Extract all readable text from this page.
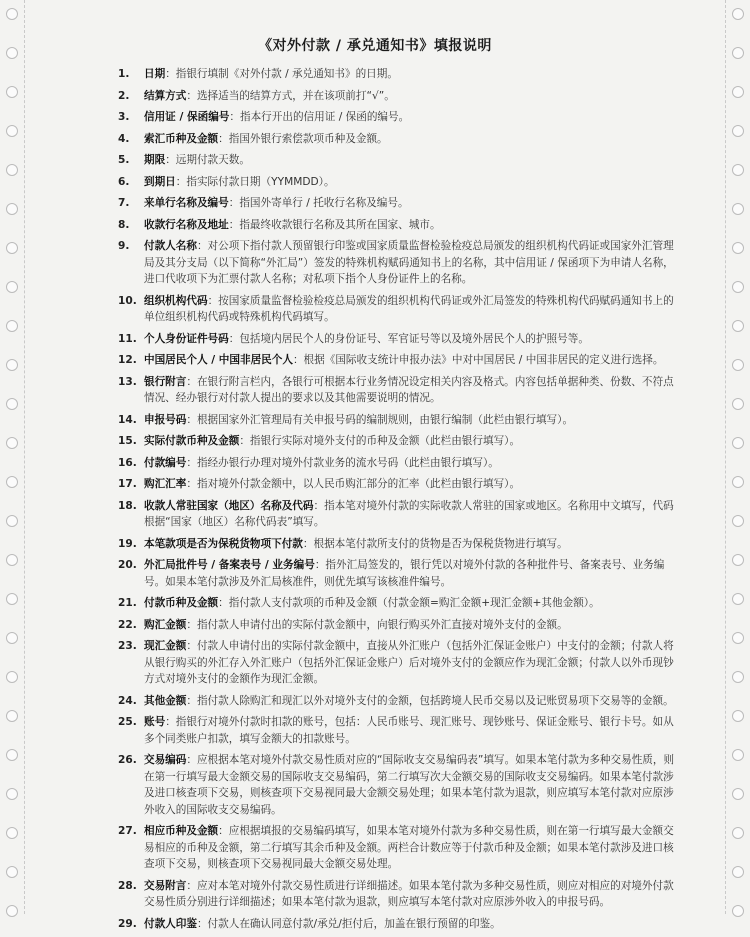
《对外付款 / 承兑通知书》填报说明
1.	日期：指银行填制《对外付款 / 承兑通知书》的日期。
2.	结算方式：选择适当的结算方式，并在该项前打“√”。
3.	信用证 / 保函编号：指本行开出的信用证 / 保函的编号。
4.	索汇币种及金额：指国外银行索偿款项币种及金额。
5.	期限：远期付款天数。
6.	到期日：指实际付款日期（YYMMDD）。
7.	来单行名称及编号：指国外寄单行 / 托收行名称及编号。
8.	收款行名称及地址：指最终收款银行名称及其所在国家、城市。
9.	付款人名称：对公项下指付款人预留银行印鉴或国家质量监督检验检疫总局颁发的组织机构代码证或国家外汇管理局及其分支局（以下简称“外汇局”）签发的特殊机构赋码通知书上的名称，其中信用证 / 保函项下为申请人名称，进口代收项下为汇票付款人名称；对私项下指个人身份证件上的名称。
10. 组织机构代码：按国家质量监督检验检疫总局颁发的组织机构代码证或外汇局签发的特殊机构代码赋码通知书上的单位组织机构代码或特殊机构代码填写。
11. 个人身份证件号码：包括境内居民个人的身份证号、军官证号等以及境外居民个人的护照号等。
12. 中国居民个人 / 中国非居民个人：根据《国际收支统计申报办法》中对中国居民 / 中国非居民的定义进行选择。
13. 银行附言：在银行附言栏内，各银行可根据本行业务情况设定相关内容及格式。内容包括单据种类、份数、不符点情况、经办银行对付款人提出的要求以及其他需要说明的情况。
14. 申报号码：根据国家外汇管理局有关申报号码的编制规则，由银行编制（此栏由银行填写）。
15. 实际付款币种及金额：指银行实际对境外支付的币种及金额（此栏由银行填写）。
16. 付款编号：指经办银行办理对境外付款业务的流水号码（此栏由银行填写）。
17. 购汇汇率：指对境外付款金额中，以人民币购汇部分的汇率（此栏由银行填写）。
18. 收款人常驻国家（地区）名称及代码：指本笔对境外付款的实际收款人常驻的国家或地区。名称用中文填写，代码根据“国家（地区）名称代码表”填写。
19. 本笔款项是否为保税货物项下付款：根据本笔付款所支付的货物是否为保税货物进行填写。
20. 外汇局批件号 / 备案表号 / 业务编号：指外汇局签发的，银行凭以对境外付款的各种批件号、备案表号、业务编号。如果本笔付款涉及外汇局核准件，则优先填写该核准件编号。
21. 付款币种及金额：指付款人支付款项的币种及金额（付款金额=购汇金额+现汇金额+其他金额）。
22. 购汇金额：指付款人申请付出的实际付款金额中，向银行购买外汇直接对境外支付的金额。
23. 现汇金额：付款人申请付出的实际付款金额中，直接从外汇账户（包括外汇保证金账户）中支付的金额；付款人将从银行购买的外汇存入外汇账户（包括外汇保证金账户）后对境外支付的金额应作为现汇金额；付款人以外币现钞方式对境外支付的金额作为现汇金额。
24. 其他金额：指付款人除购汇和现汇以外对境外支付的金额，包括跨境人民币交易以及记账贸易项下交易等的金额。
25. 账号：指银行对境外付款时扣款的账号，包括：人民币账号、现汇账号、现钞账号、保证金账号、银行卡号。如从多个同类账户扣款，填写金额大的扣款账号。
26. 交易编码：应根据本笔对境外付款交易性质对应的“国际收支交易编码表”填写。如果本笔付款为多种交易性质，则在第一行填写最大金额交易的国际收支交易编码，第二行填写次大金额交易的国际收支交易编码。如果本笔付款涉及进口核查项下交易，则核查项下交易视同最大金额交易处理；如果本笔付款为退款，则应填写本笔付款对应原涉外收入的国际收支交易编码。
27. 相应币种及金额：应根据填报的交易编码填写，如果本笔对境外付款为多种交易性质，则在第一行填写最大金额交易相应的币种及金额，第二行填写其余币种及金额。两栏合计数应等于付款币种及金额；如果本笔付款涉及进口核查项下交易，则核查项下交易视同最大金额交易处理。
28. 交易附言：应对本笔对境外付款交易性质进行详细描述。如果本笔付款为多种交易性质，则应对相应的对境外付款交易性质分别进行详细描述；如果本笔付款为退款，则应填写本笔付款对应原涉外收入的申报号码。
29. 付款人印鉴：付款人在确认同意付款/承兑/拒付后，加盖在银行预留的印鉴。
